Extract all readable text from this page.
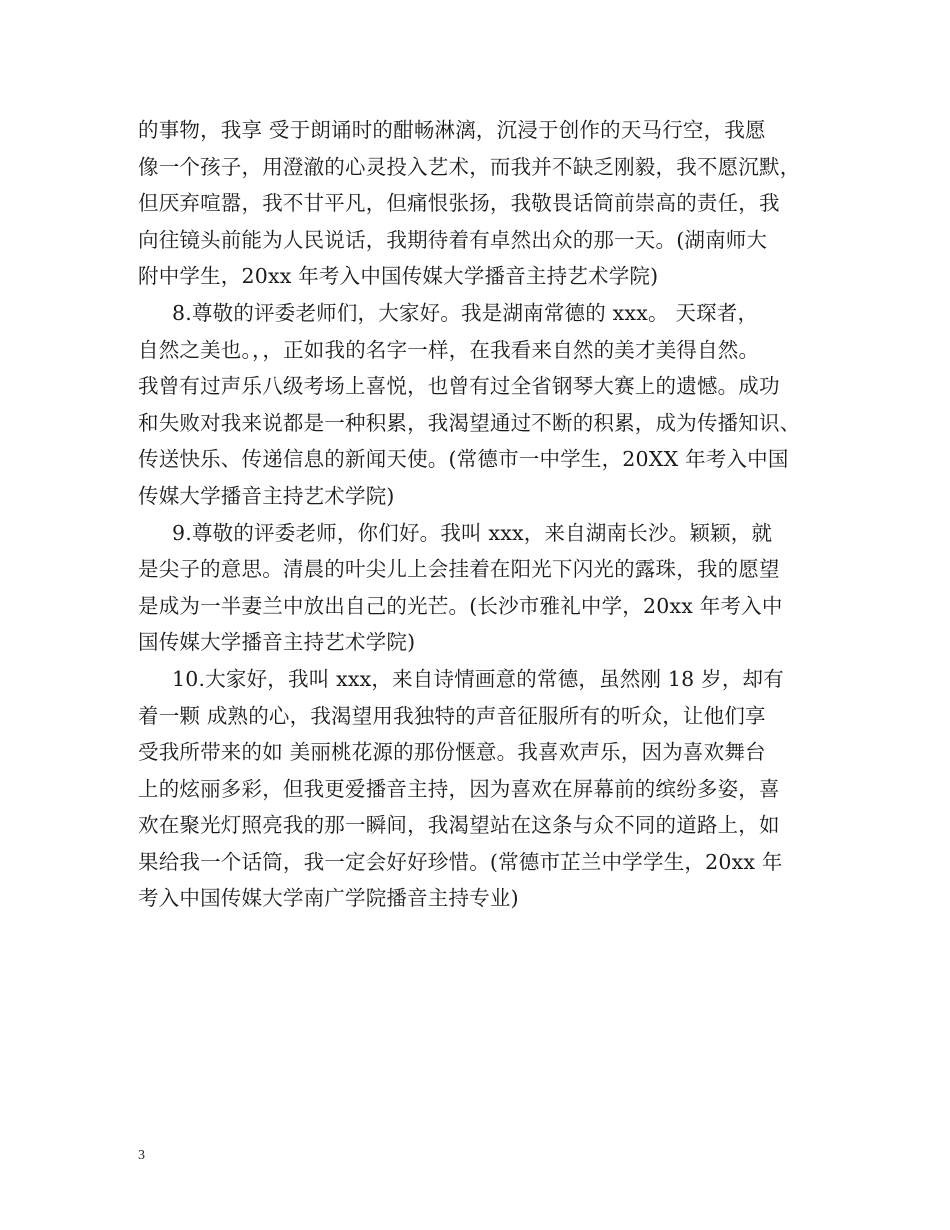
的事物，我享 受于朗诵时的酣畅淋漓，沉浸于创作的天马行空，我愿
像一个孩子，用澄澈的心灵投入艺术，而我并不缺乏刚毅，我不愿沉默，
但厌弃喧嚣，我不甘平凡，但痛恨张扬，我敬畏话筒前崇高的责任，我
向往镜头前能为人民说话，我期待着有卓然出众的那一天。(湖南师大
附中学生，20xx 年考入中国传媒大学播音主持艺术学院)
8.尊敬的评委老师们，大家好。我是湖南常德的 xxx。 天琛者，
自然之美也。，，正如我的名字一样，在我看来自然的美才美得自然。
我曾有过声乐八级考场上喜悦，也曾有过全省钢琴大赛上的遗憾。成功
和失败对我来说都是一种积累，我渴望通过不断的积累，成为传播知识、
传送快乐、传递信息的新闻天使。(常德市一中学生，20XX 年考入中国
传媒大学播音主持艺术学院)
9.尊敬的评委老师，你们好。我叫 xxx，来自湖南长沙。颖颖，就
是尖子的意思。清晨的叶尖儿上会挂着在阳光下闪光的露珠，我的愿望
是成为一半妻兰中放出自己的光芒。(长沙市雅礼中学，20xx 年考入中
国传媒大学播音主持艺术学院)
10.大家好，我叫 xxx，来自诗情画意的常德，虽然刚 18 岁，却有
着一颗 成熟的心，我渴望用我独特的声音征服所有的听众，让他们享
受我所带来的如 美丽桃花源的那份惬意。我喜欢声乐，因为喜欢舞台
上的炫丽多彩，但我更爱播音主持，因为喜欢在屏幕前的缤纷多姿，喜
欢在聚光灯照亮我的那一瞬间，我渴望站在这条与众不同的道路上，如
果给我一个话筒，我一定会好好珍惜。(常德市芷兰中学学生，20xx 年
考入中国传媒大学南广学院播音主持专业)
3
